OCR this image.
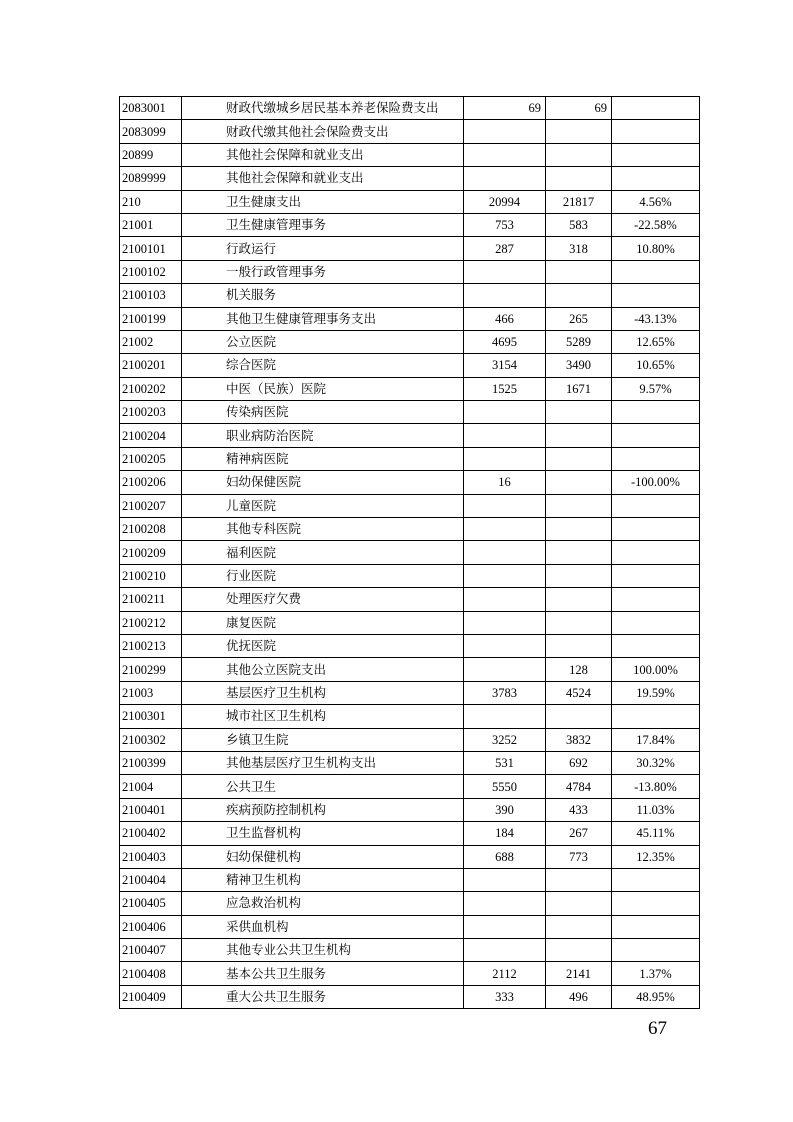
2083001	财政代缴城乡居民基本养老保险费支出	69	69	
2083099	财政代缴其他社会保险费支出			
20899	其他社会保障和就业支出			
2089999	其他社会保障和就业支出			
210	卫生健康支出	20994	21817	4.56%
21001	卫生健康管理事务	753	583	-22.58%
2100101	行政运行	287	318	10.80%
2100102	一般行政管理事务			
2100103	机关服务			
2100199	其他卫生健康管理事务支出	466	265	-43.13%
21002	公立医院	4695	5289	12.65%
2100201	综合医院	3154	3490	10.65%
2100202	中医（民族）医院	1525	1671	9.57%
2100203	传染病医院			
2100204	职业病防治医院			
2100205	精神病医院			
2100206	妇幼保健医院	16		-100.00%
2100207	儿童医院			
2100208	其他专科医院			
2100209	福利医院			
2100210	行业医院			
2100211	处理医疗欠费			
2100212	康复医院			
2100213	优抚医院			
2100299	其他公立医院支出		128	100.00%
21003	基层医疗卫生机构	3783	4524	19.59%
2100301	城市社区卫生机构			
2100302	乡镇卫生院	3252	3832	17.84%
2100399	其他基层医疗卫生机构支出	531	692	30.32%
21004	公共卫生	5550	4784	-13.80%
2100401	疾病预防控制机构	390	433	11.03%
2100402	卫生监督机构	184	267	45.11%
2100403	妇幼保健机构	688	773	12.35%
2100404	精神卫生机构			
2100405	应急救治机构			
2100406	采供血机构			
2100407	其他专业公共卫生机构			
2100408	基本公共卫生服务	2112	2141	1.37%
2100409	重大公共卫生服务	333	496	48.95%
67
